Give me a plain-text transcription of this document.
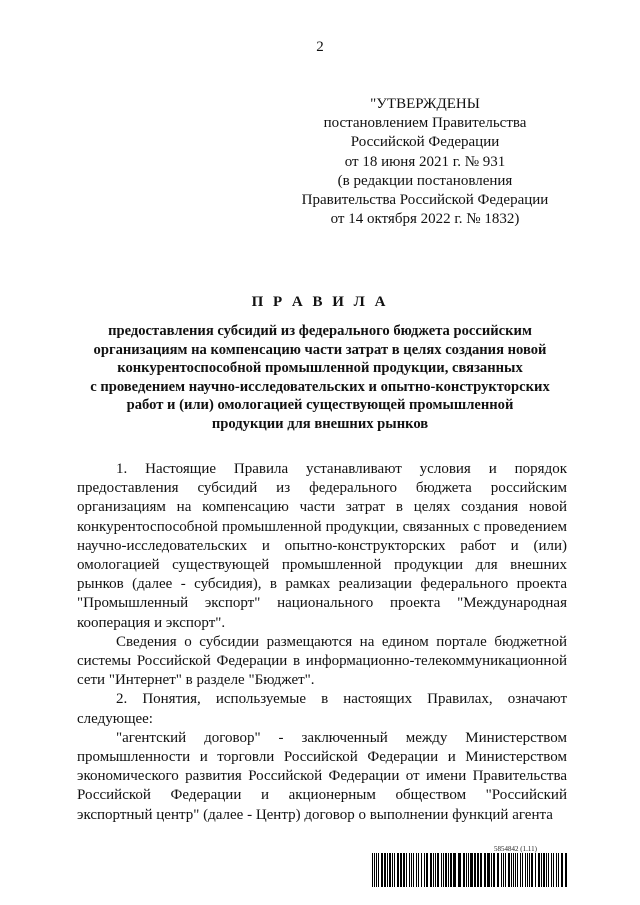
2
"УТВЕРЖДЕНЫ
постановлением Правительства
Российской Федерации
от 18 июня 2021 г. № 931
(в редакции постановления
Правительства Российской Федерации
от 14 октября 2022 г. № 1832)
П Р А В И Л А
предоставления субсидий из федерального бюджета российским
организациям на компенсацию части затрат в целях создания новой
конкурентоспособной промышленной продукции, связанных
с проведением научно-исследовательских и опытно-конструкторских
работ и (или) омологацией существующей промышленной
продукции для внешних рынков

1. Настоящие Правила устанавливают условия и порядок предоставления субсидий из федерального бюджета российским организациям на компенсацию части затрат в целях создания новой конкурентоспособной промышленной продукции, связанных с проведением научно-исследовательских и опытно-конструкторских работ и (или) омологацией существующей промышленной продукции для внешних рынков (далее - субсидия), в рамках реализации федерального проекта "Промышленный экспорт" национального проекта "Международная кооперация и экспорт".

Сведения о субсидии размещаются на едином портале бюджетной системы Российской Федерации в информационно-телекоммуникационной сети "Интернет" в разделе "Бюджет".

2. Понятия, используемые в настоящих Правилах, означают следующее:

"агентский договор" - заключенный между Министерством промышленности и торговли Российской Федерации и Министерством экономического развития Российской Федерации от имени Правительства Российской Федерации и акционерным обществом "Российский экспортный центр" (далее - Центр) договор о выполнении функций агента

5854842 (1.11)
